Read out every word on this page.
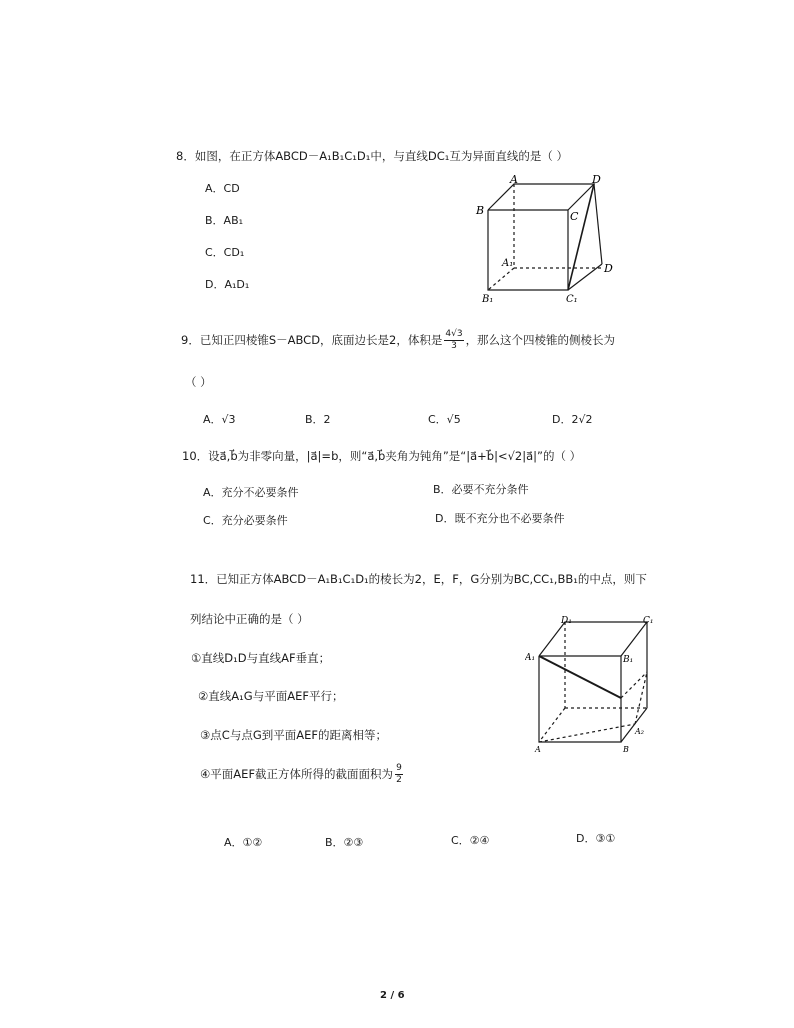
8．如图，在正方体ABCD－A₁B₁C₁D₁中，与直线DC₁互为异面直线的是（ ）
A．CD
B．AB₁
C．CD₁
D．A₁D₁
A	D
B	C
A₁	D
B₁	C₁
9．已知正四棱锥S－ABCD，底面边长是2，体积是 $\frac{4√3}{3}$ ，那么这个四棱锥的侧棱长为
（ ）
A．√3	B．2	C．√5	D．2√2
10．设a⃗,b⃗为非零向量，|a⃗|=b，则“a⃗,b⃗夹角为钝角”是“|a⃗+b⃗|<√2|a⃗|”的（ ）
A．充分不必要条件	B．必要不充分条件
C．充分必要条件	D．既不充分也不必要条件
11．已知正方体ABCD－A₁B₁C₁D₁的棱长为2，E，F，G分别为BC,CC₁,BB₁的中点，则下
列结论中正确的是（ ）
①直线D₁D与直线AF垂直；
②直线A₁G与平面AEF平行；
③点C与点G到平面AEF的距离相等；
④平面AEF截正方体所得的截面面积为 $\frac{9}{2}$
D₁	C₁
A₁	B₁
A	B
A₂
A．①②	B．②③	C．②④	D．③①
2 / 6
